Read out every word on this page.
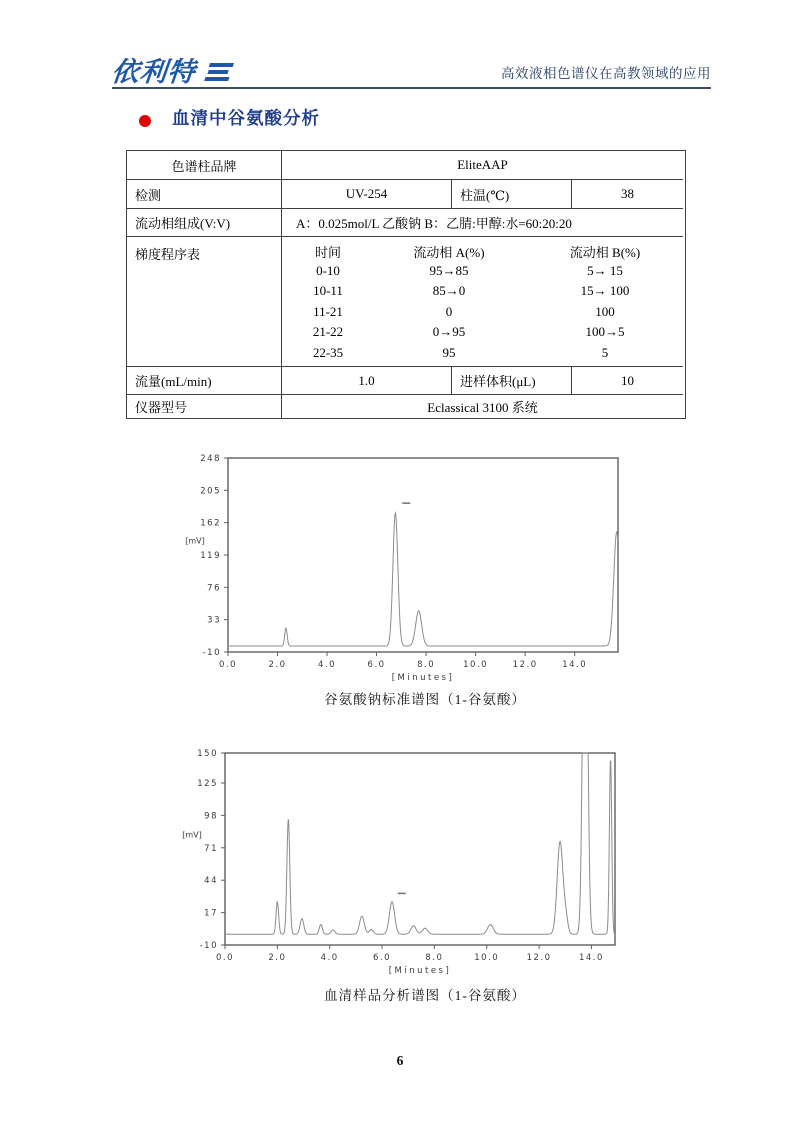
依利特	高效液相色谱仪在高教领域的应用
血清中谷氨酸分析
色谱柱品牌	EliteAAP
检测	UV-254	柱温(℃)	38
流动相组成(V:V)	A：0.025mol/L 乙酸钠 B：乙腈:甲醇:水=60:20:20
梯度程序表	时间	流动相 A(%)	流动相 B(%)
0-10	95→85	5→ 15
10-11	85→0	15→ 100
11-21	0	100
21-22	0→95	100→5
22-35	95	5
流量(mL/min)	1.0	进样体积(μL)	10
仪器型号	Eclassical 3100 系统
248
205
162
119
76
33
-10
[mV]
0.0	2.0	4.0	6.0	8.0	10.0	12.0	14.0
[Minutes]
谷氨酸钠标准谱图（1-谷氨酸）
150
125
98
71
44
17
-10
[mV]
0.0	2.0	4.0	6.0	8.0	10.0	12.0	14.0
[Minutes]
血清样品分析谱图（1-谷氨酸）
6
